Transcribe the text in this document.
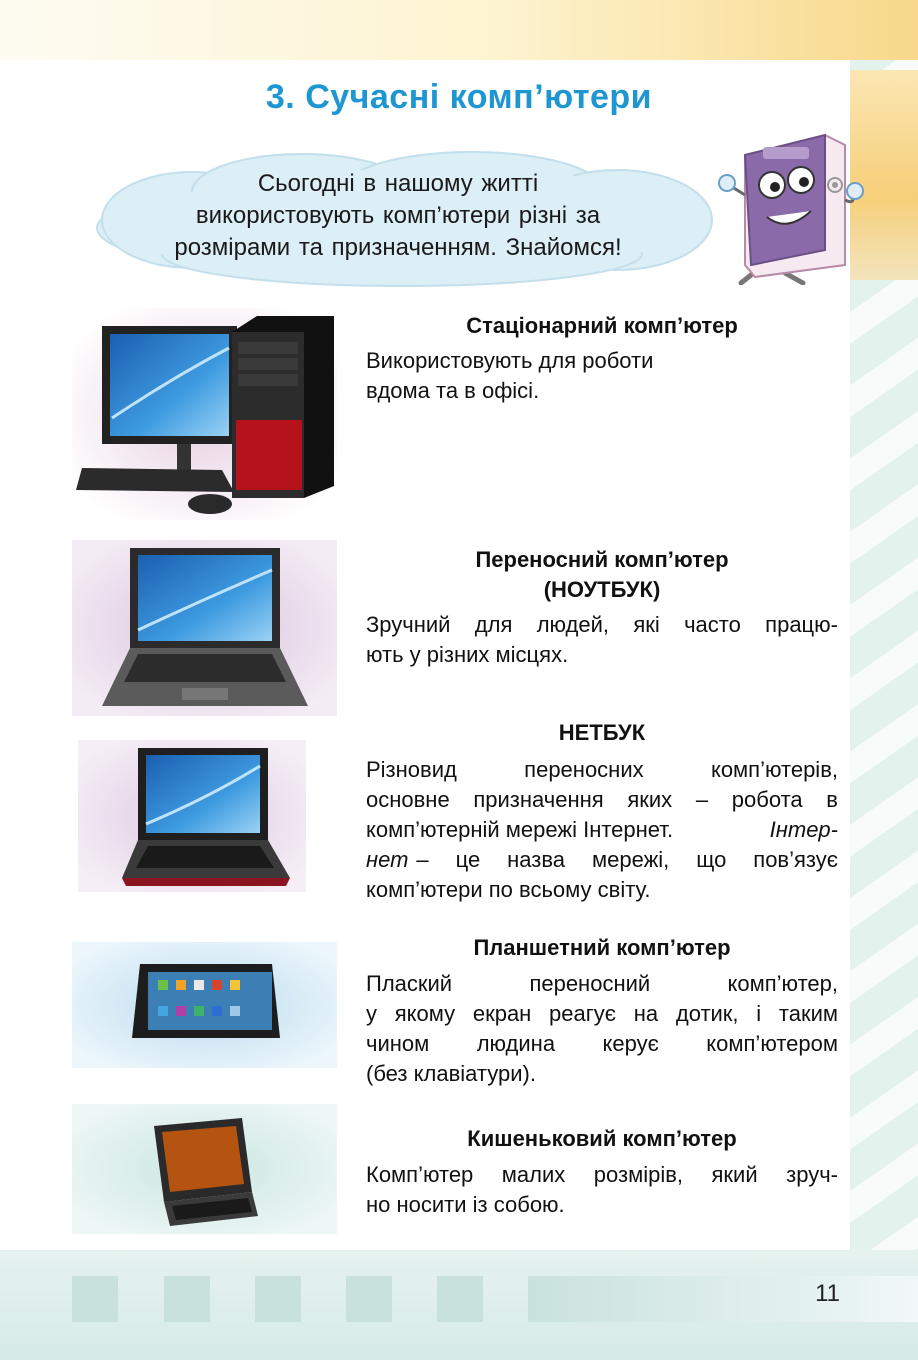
3. Сучасні комп’ютери
Сьогодні в нашому житті
використовують комп’ютери різні за
розмірами та призначенням. Знайомся!
Стаціонарний комп’ютер
Використовують для роботи
вдома та в офісі.
Переносний комп’ютер
(НОУТБУК)
Зручний для людей, які часто працю-
ють у різних місцях.
НЕТБУК
Різновид переносних комп’ютерів,
основне призначення яких – робота в
комп’ютерній мережі Інтернет.	Інтер-
нет – це назва мережі, що пов’язує
комп’ютери по всьому світу.
Планшетний комп’ютер
Плаский переносний комп’ютер,
у якому екран реагує на дотик, і таким
чином людина керує комп’ютером
(без клавіатури).
Кишеньковий комп’ютер
Комп’ютер малих розмірів, який зруч-
но носити із собою.
11
